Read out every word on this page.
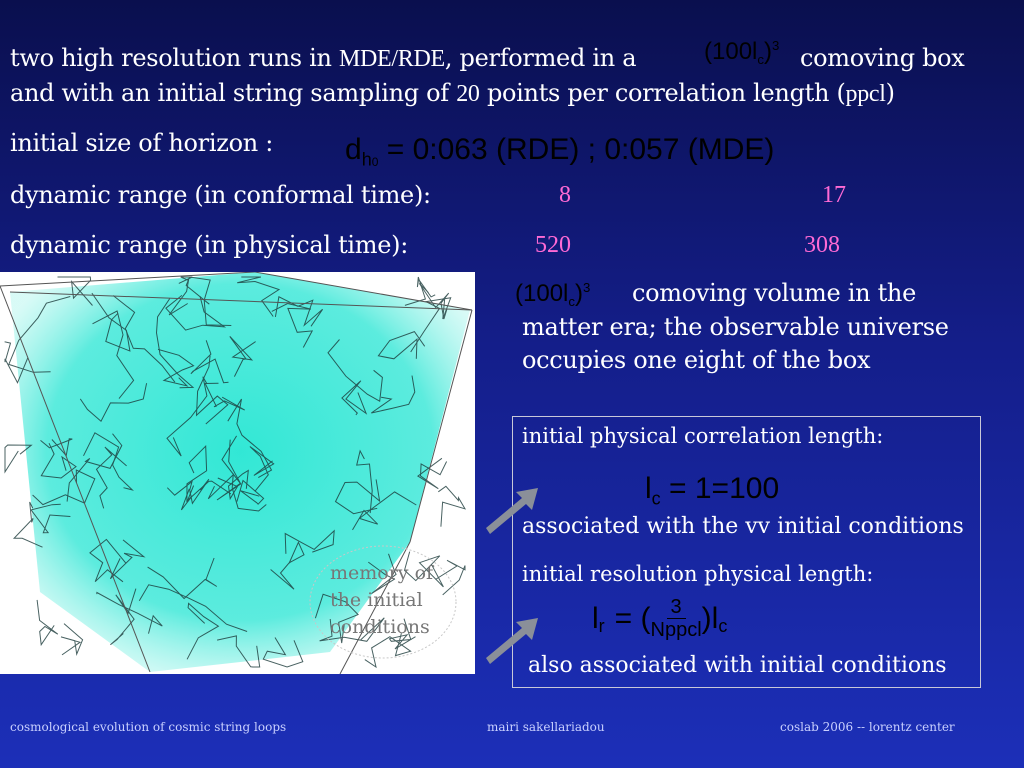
two high resolution runs in MDE/RDE, performed in a	$(100l_c)^3$ comoving box
and with an initial string sampling of 20 points per correlation length (ppcl)
initial size of horizon : $d_{h0}$ = 0:063 (RDE) ; 0:057 (MDE)
dynamic range (in conformal time):	8	17
dynamic range (in physical time):	520	308
memory of
the initial
conditions
$(100l_c)^3$ comoving volume in the
matter era; the observable universe
occupies one eight of the box
initial physical correlation length:
$l_c = 1=100$
associated with the vv initial conditions
initial resolution physical length:
l r = ( 3
Nppcl )l c
also associated with initial conditions
cosmological evolution of cosmic string loops	mairi sakellariadou	coslab 2006 -- lorentz center
